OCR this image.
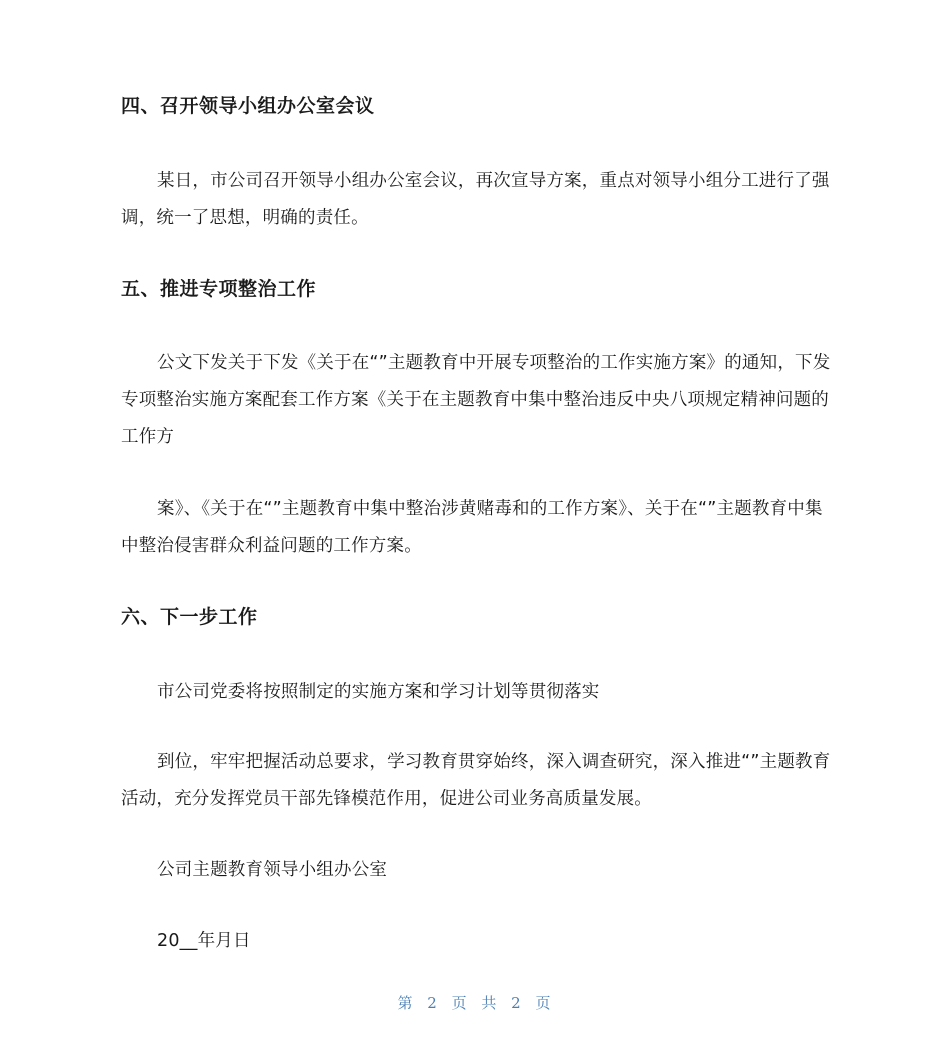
四、召开领导小组办公室会议
某日，市公司召开领导小组办公室会议，再次宣导方案，重点对领导小组分工进行了强调，统一了思想，明确的责任。
五、推进专项整治工作
公文下发关于下发《关于在“”主题教育中开展专项整治的工作实施方案》的通知，下发专项整治实施方案配套工作方案《关于在主题教育中集中整治违反中央八项规定精神问题的工作方
案》、《关于在“”主题教育中集中整治涉黄赌毒和的工作方案》、关于在“”主题教育中集中整治侵害群众利益问题的工作方案。
六、下一步工作
市公司党委将按照制定的实施方案和学习计划等贯彻落实
到位，牢牢把握活动总要求，学习教育贯穿始终，深入调查研究，深入推进“”主题教育活动，充分发挥党员干部先锋模范作用，促进公司业务高质量发展。
公司主题教育领导小组办公室
20__年月日
第 2 页 共 2 页
